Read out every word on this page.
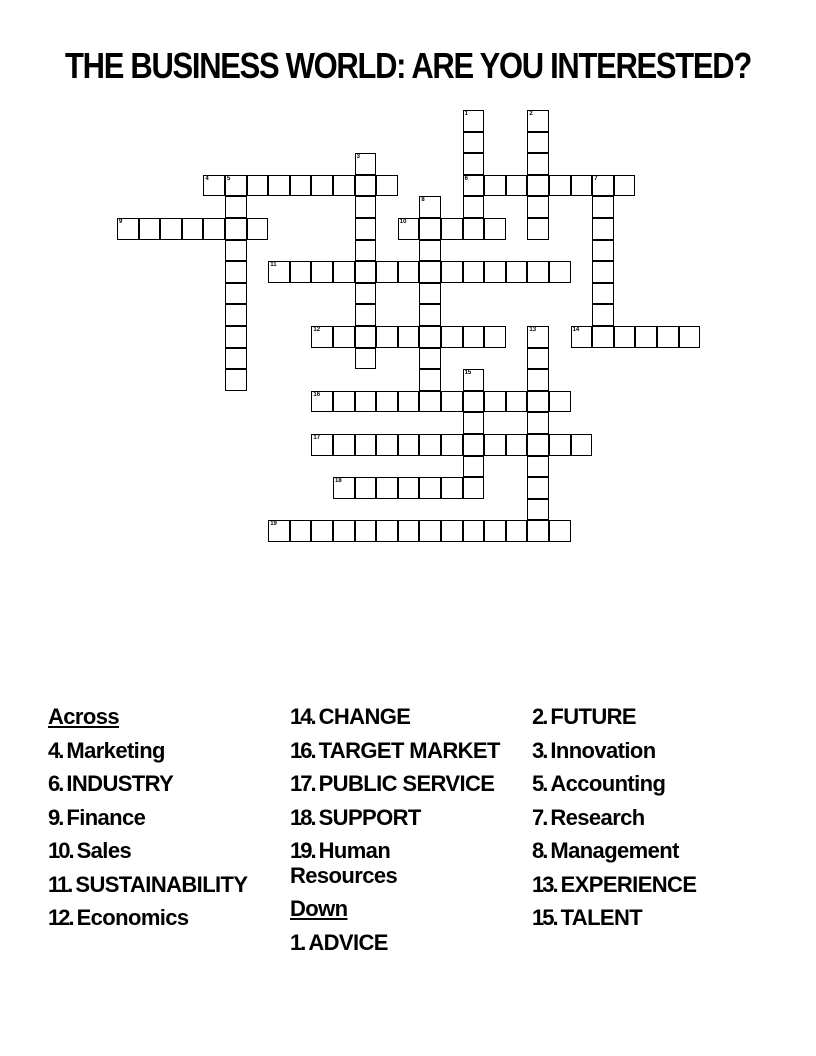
THE BUSINESS WORLD: ARE YOU INTERESTED?
1
6
2
3
4	5	7
8
9	10
11
12	13	14
15
16
17
18
19
Across
4. Marketing
6. INDUSTRY
9. Finance
10. Sales
11. SUSTAINABILITY
12. Economics
14. CHANGE
16. TARGET MARKET
17. PUBLIC SERVICE
18. SUPPORT
19. Human Resources
Down
1. ADVICE
2. FUTURE
3. Innovation
5. Accounting
7. Research
8. Management
13. EXPERIENCE
15. TALENT
